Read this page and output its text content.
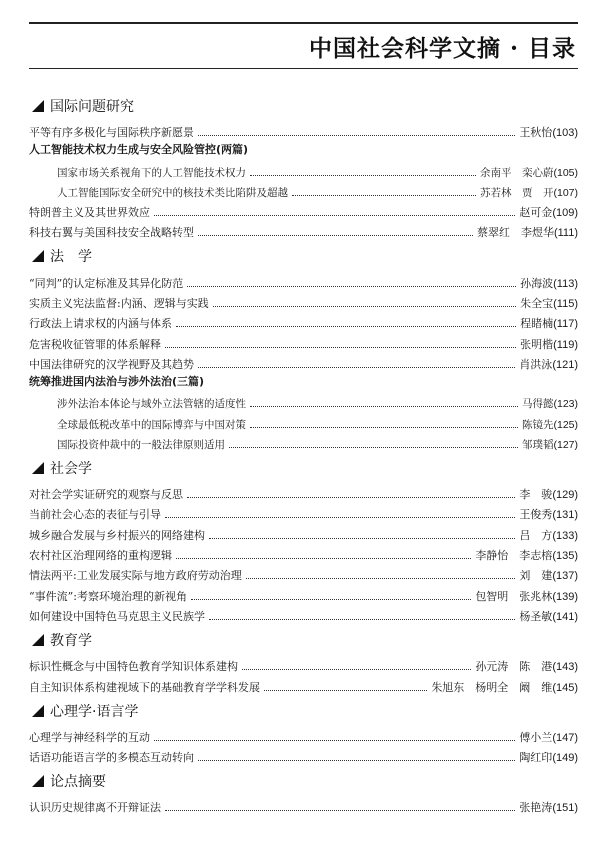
中国社会科学文摘 · 目录
国际问题研究
平等有序多极化与国际秩序新愿景	王秋怡 (103)
人工智能技术权力生成与安全风险管控(两篇)
国家市场关系视角下的人工智能技术权力	余南平　栾心蔚 (105)
人工智能国际安全研究中的核技术类比陷阱及超越	苏若林　贾　开 (107)
特朗普主义及其世界效应	赵可金 (109)
科技右翼与美国科技安全战略转型	蔡翠红　李煜华 (111)
法　学
“同判”的认定标准及其异化防范	孙海波 (113)
实质主义宪法监督:内涵、逻辑与实践	朱全宝 (115)
行政法上请求权的内涵与体系	程睹楠 (117)
危害税收征管罪的体系解释	张明楷 (119)
中国法律研究的汉学视野及其趋势	肖洪泳 (121)
统筹推进国内法治与涉外法治(三篇)
涉外法治本体论与域外立法管辖的适度性	马得懿 (123)
全球最低税改革中的国际博弈与中国对策	陈镜先 (125)
国际投资仲裁中的一般法律原则适用	邹璞韬 (127)
社会学
对社会学实证研究的观察与反思	李　骏 (129)
当前社会心态的表征与引导	王俊秀 (131)
城乡融合发展与乡村振兴的网络建构	吕　方 (133)
农村社区治理网络的重构逻辑	李静怡　李志榕 (135)
情法两平:工业发展实际与地方政府劳动治理	刘　建 (137)
“事件流”:考察环境治理的新视角	包智明　张兆林 (139)
如何建设中国特色马克思主义民族学	杨圣敏 (141)
教育学
标识性概念与中国特色教育学知识体系建构	孙元涛　陈　港 (143)
自主知识体系构建视域下的基础教育学学科发展	朱旭东　杨明全　阚　维 (145)
心理学·语言学
心理学与神经科学的互动	傅小兰 (147)
话语功能语言学的多模态互动转向	陶红印 (149)
论点摘要
认识历史规律离不开辩证法	张艳涛 (151)
